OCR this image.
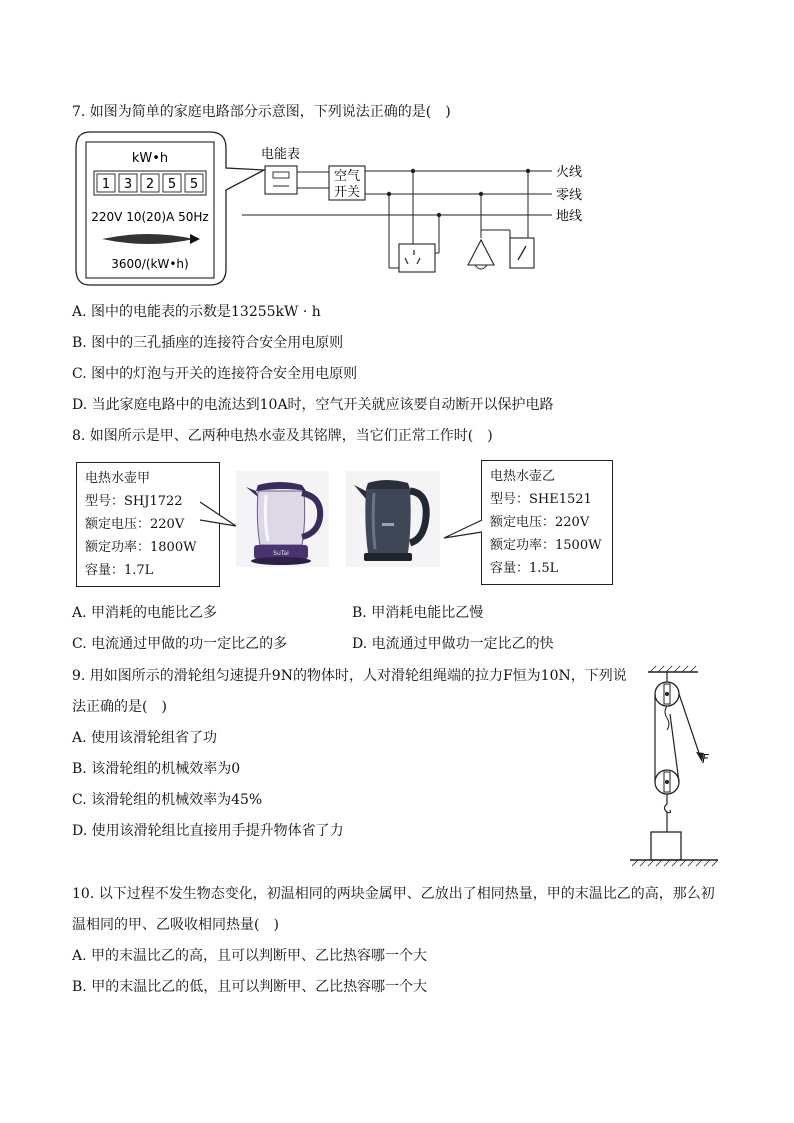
7. 如图为简单的家庭电路部分示意图，下列说法正确的是(　)
kW•h
1 3 2 5 5
220V 10(20)A 50Hz
3600/(kW•h)
电能表
空气
开关
火线
零线
地线
A. 图中的电能表的示数是13255kW · h
B. 图中的三孔插座的连接符合安全用电原则
C. 图中的灯泡与开关的连接符合安全用电原则
D. 当此家庭电路中的电流达到10A时，空气开关就应该要自动断开以保护电路
8. 如图所示是甲、乙两种电热水壶及其铭牌，当它们正常工作时(　)
电热水壶甲
型号：SHJ1722
额定电压：220V
额定功率：1800W
容量：1.7L
SuTai
电热水壶乙
型号：SHE1521
额定电压：220V
额定功率：1500W
容量：1.5L
A. 甲消耗的电能比乙多	B. 甲消耗电能比乙慢
C. 电流通过甲做的功一定比乙的多	D. 电流通过甲做功一定比乙的快
9. 用如图所示的滑轮组匀速提升9N的物体时，人对滑轮组绳端的拉力F恒为10N，下列说
法正确的是(　)
A. 使用该滑轮组省了功
B. 该滑轮组的机械效率为0
C. 该滑轮组的机械效率为45%
D. 使用该滑轮组比直接用手提升物体省了力
F
10. 以下过程不发生物态变化，初温相同的两块金属甲、乙放出了相同热量，甲的末温比乙的高，那么初
温相同的甲、乙吸收相同热量(　)
A. 甲的末温比乙的高，且可以判断甲、乙比热容哪一个大
B. 甲的末温比乙的低，且可以判断甲、乙比热容哪一个大
